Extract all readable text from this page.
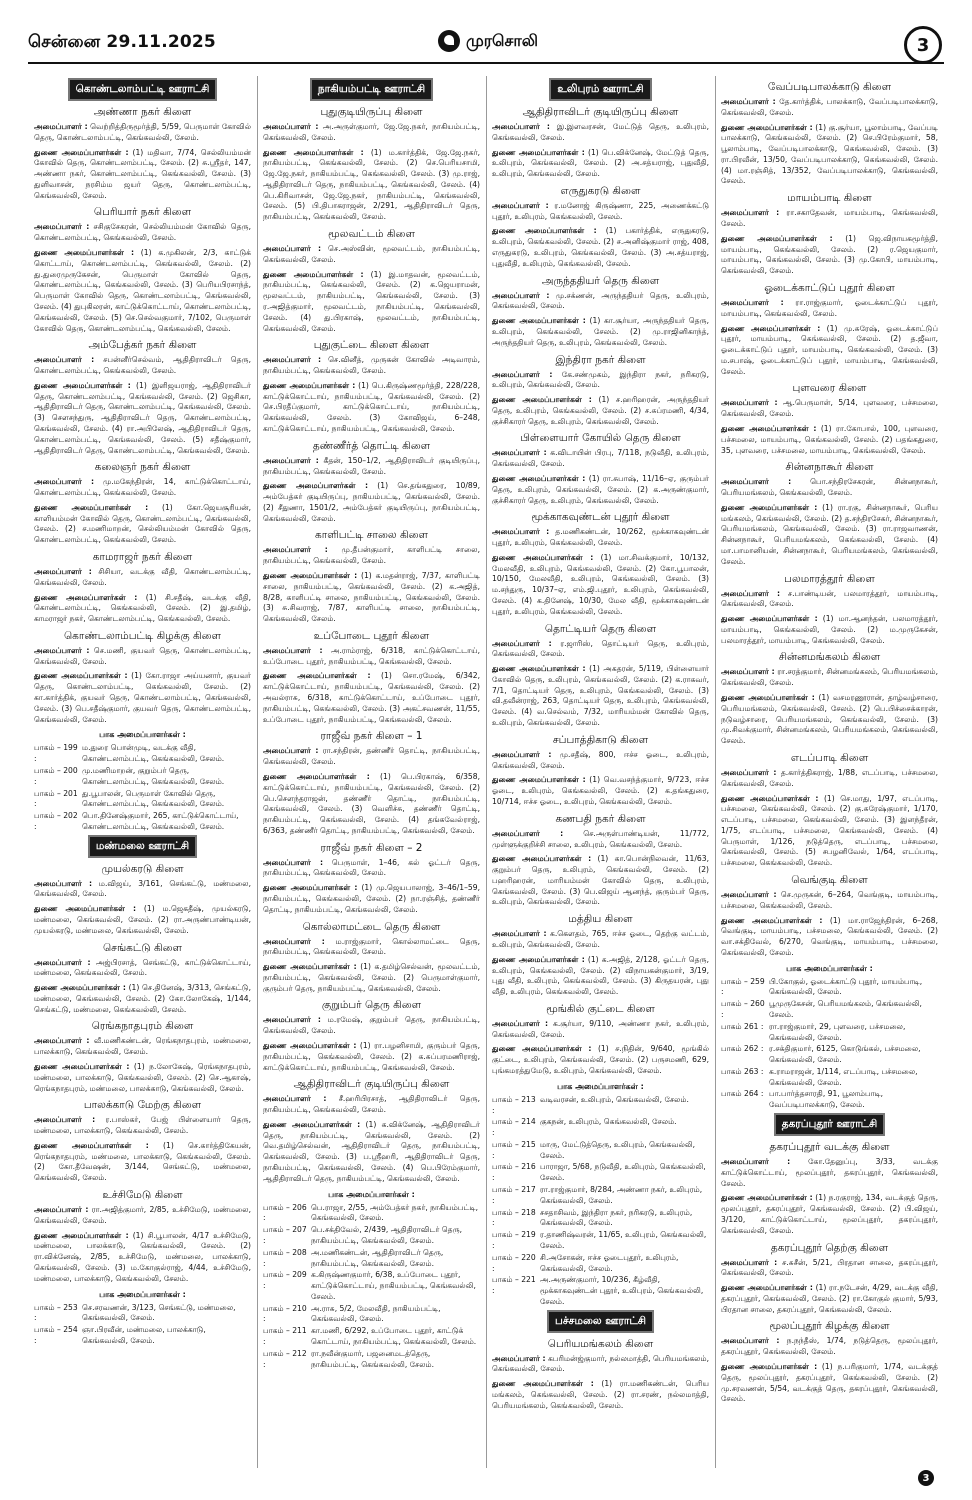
சென்னை 29.11.2025	முரசொலி	3
கொண்டலாம்பட்டி ஊராட்சி
அண்ணா நகர் கிளை

அமைப்பாளர் : வெற்றித்திருமூர்த்தி, 5/59, பெருமாள் கோவில் தெரு, கொண்டலாம்பட்டி, கெங்கவல்லி, சேலம்.

துணை அமைப்பாளர்கள் : (1) மதிவா, 7/74, செல்லியம்மன் கோவில் தெரு, கொண்டலாம்பட்டி, சேலம். (2) சு.ஸ்ரீதர், 147, அண்ணா நகர், கொண்டலாம்பட்டி, கெங்கவல்லி, சேலம். (3) துளிவாசன், நரசிம்ம ஜயர் தெரு, கொண்டலாம்பட்டி, கெங்கவல்லி, சேலம்.

பெரியார் நகர் கிளை

அமைப்பாளர் : சசிகுசேகரன், செல்லியம்மன் கோவில் தெரு, கொண்டலாம்பட்டி, கெங்கவல்லி, சேலம்.

துணை அமைப்பாளர்கள் : (1) க.முகிலன், 2/3, காட்டுக் கொட்டாய், கொண்டலாம்பட்டி, கெங்கவல்லி, சேலம். (2) து.துரைமுருகேசன், பெருமாள் கோவில் தெரு, கொண்டலாம்பட்டி, கெங்கவல்லி, சேலம். (3) பெரியபிரசாந்த், பெருமாள் கோவில் தெரு, கொண்டலாம்பட்டி, கெங்கவல்லி, சேலம். (4) துபுகிலரன், காட்டுக்கொட்டாய், கொண்டலாம்பட்டி, கெங்கவல்லி, சேலம். (5) செ.செல்வகுமார், 7/102, பெருமாள் கோவில் தெரு, கொண்டலாம்பட்டி, கெங்கவல்லி, சேலம்.

அம்பேத்கர் நகர் கிளை

அமைப்பாளர் : சபன்னீர்செல்வம், ஆதிதிராவிடர் தெரு, கொண்டலாம்பட்டி, கெங்கவல்லி, சேலம்.

துணை அமைப்பாளர்கள் : (1) இளிஜயராஜ், ஆதிதிராவிடர் தெரு, கொண்டலாம்பட்டி, கெங்கவல்லி, சேலம். (2) ஜெசிகா, ஆதிதிராவிடர் தெரு, கொண்டலாம்பட்டி, கெங்கவல்லி, சேலம். (3) செளசந்துரு, ஆதிதிராவிடர் தெரு, கொண்டலாம்பட்டி, கெங்கவல்லி, சேலம். (4) ரா.அபிலேஷ், ஆதிதிராவிடர் தெரு, கொண்டலாம்பட்டி, கெங்கவல்லி, சேலம். (5) சதீஷ்குமார், ஆதிதிராவிடர் தெரு, கொண்டலாம்பட்டி, கெங்கவல்லி, சேலம்.

கலைஞர் நகர் கிளை

அமைப்பாளர் : மு.மகேந்திரன், 14, காட்டுக்கொட்டாய், கொண்டலாம்பட்டி, கெங்கவல்லி, சேலம்.

துணை அமைப்பாளர்கள் : (1) கோ.ஜெயசூரியன், காளியம்மன் கோவில் தெரு, கொண்டலாம்பட்டி, கெங்கவல்லி, சேலம். (2) ச.மணிமாறன், செல்லியம்மன் கோவில் தெரு, கொண்டலாம்பட்டி, கெங்கவல்லி, சேலம்.

காமராஜர் நகர் கிளை

அமைப்பாளர் : சிசியா, வடக்கு வீதி, கொண்டலாம்பட்டி, கெங்கவல்லி, சேலம்.

துணை அமைப்பாளர்கள் : (1) சி.சதீஷ், வடக்கு வீதி, கொண்டலாம்பட்டி, கெங்கவல்லி, சேலம். (2) இ.தமிழ், காமராஜர் நகர், கொண்டலாம்பட்டி, கெங்கவல்லி, சேலம்.

கொண்டலாம்பட்டி கிழக்கு கிளை

அமைப்பாளர் : செ.மணி, குயவர் தெரு, கொண்டலாம்பட்டி, கெங்கவல்லி, சேலம்.

துணை அமைப்பாளர்கள் : (1) கோ.ராஜா அய்யனார், குயவர் தெரு, கொண்டலாம்பட்டி, கெங்கவல்லி, சேலம். (2) கா.கார்த்திக், குயவர் தெரு, கொண்டலாம்பட்டி, கெங்கவல்லி, சேலம். (3) பெ.சதீஷ்குமார், குயவர் தெரு, கொண்டலாம்பட்டி, கெங்கவல்லி, சேலம்.

பாக அமைப்பாளர்கள் :
பாகம் – 199 :
ம.துரை பொன்முடி, வடக்கு வீதி, கொண்டலாம்பட்டி, கெங்கவல்லி, சேலம்.
பாகம் – 200 :
மு.மணிமாறன், குறும்பர் தெரு, கொண்டலாம்பட்டி, கெங்கவல்லி, சேலம்.
பாகம் – 201 :
து.பூபாலன், பெருமாள் கோவில் தெரு, கொண்டலாம்பட்டி, கெங்கவல்லி, சேலம்.
பாகம் – 202 :
பொ.தினேஷ்குமார், 265, காட்டுக்கொட்டாய், கொண்டலாம்பட்டி, கெங்கவல்லி, சேலம்.
மண்மலை ஊராட்சி
முயல்கரடு கிளை

அமைப்பாளர் : ம.விஜய், 3/161, செங்கட்டு, மண்மலை, கெங்கவல்லி, சேலம்.

துணை அமைப்பாளர்கள் : (1) ம.ஜெகதீஷ், முயல்கரடு, மண்மலை, கெங்கவல்லி, சேலம். (2) ரா.அருண்பாண்டியன், முயல்கரடு, மண்மலை, கெங்கவல்லி, சேலம்.

செங்கட்டு கிளை

அமைப்பாளர் : அஜ்பிரசாத், செங்கட்டு, காட்டுக்கொட்டாய், மண்மலை, கெங்கவல்லி, சேலம்.

துணை அமைப்பாளர்கள் : (1) செ.தினேஷ், 3/313, செங்கட்டு, மண்மலை, கெங்கவல்லி, சேலம். (2) கோ.லோகேஷ், 1/144, செங்கட்டு, மண்மலை, கெங்கவல்லி, சேலம்.

ரெங்கநாதபுரம் கிளை

அமைப்பாளர் : வீ.மணிகண்டன், ரெங்கநாதபுரம், மண்மலை, பாலக்காடு, கெங்கவல்லி, சேலம்.

துணை அமைப்பாளர்கள் : (1) ந.லோகேஷ், ரெங்கநாதபுரம், மண்மலை, பாலக்காடு, கெங்கவல்லி, சேலம். (2) செ.ஆகாஷ், ரெங்கநாதபுரம், மண்மலை, பாலக்காடு, கெங்கவல்லி, சேலம்.

பாலக்காடு மேற்கு கிளை

அமைப்பாளர் : ர.பாஸ்கர், பேஜ் பிள்ளையார் தெரு, மண்மலை, பாலக்காடு, கெங்கவல்லி, சேலம்.

துணை அமைப்பாளர்கள் : (1) செ.கார்த்திகேயன், ரெங்கநாதபுரம், மண்மலை, பாலக்காடு, கெங்கவல்லி, சேலம். (2) கோ.தீவேஷன், 3/144, செங்கட்டு, மண்மலை, கெங்கவல்லி, சேலம்.

உச்சிமேடு கிளை

அமைப்பாளர் : ரா.அஜித்குமார், 2/85, உச்சிமேடு, மண்மலை, கெங்கவல்லி, சேலம்.

துணை அமைப்பாளர்கள் : (1) சி.பூபாலன், 4/17 உச்சிமேடு, மண்மலை, பாலக்காடு, கெங்கவல்லி, சேலம். (2) ரா.விக்னேஷ், 2/85, உச்சிமேடு, மண்மலை, பாலக்காடு, கெங்கவல்லி, சேலம். (3) ம.கோகுல்ராஜ், 4/44, உச்சிமேடு, மண்மலை, பாலக்காடு, கெங்கவல்லி, சேலம்.

பாக அமைப்பாளர்கள் :
பாகம் – 253 :
செ.சரவணன், 3/123, செங்கட்டு, மண்மலை, கெங்கவல்லி, சேலம்.
பாகம் – 254 :
ஞா.பிரவீன், மண்மலை, பாலக்காடு, கெங்கவல்லி, சேலம்.
நாகியம்பட்டி ஊராட்சி
புதுகுடியிருப்பு கிளை

அமைப்பாளர் : அ.அருள்குமார், ஜே.ஜே.நகர், நாகியம்பட்டி, கெங்கவல்லி, சேலம்.

துணை அமைப்பாளர்கள் : (1) ம.கார்த்திக், ஜே.ஜே.நகர், நாகியம்பட்டி, கெங்கவல்லி, சேலம். (2) செ.பெரியசாமி, ஜே.ஜே.நகர், நாகியம்பட்டி, கெங்கவல்லி, சேலம். (3) மு.ராஜ், ஆதிதிராவிடர் தெரு, நாகியம்பட்டி, கெங்கவல்லி, சேலம். (4) பெ.கிரிவாசன், ஜே.ஜே.நகர், நாகியம்பட்டி, கெங்கவல்லி, சேலம். (5) பி.திபாகராஜன், 2/291, ஆதிதிராவிடர் தெரு, நாகியம்பட்டி, கெங்கவல்லி, சேலம்.

மூலவட்டம் கிளை

அமைப்பாளர் : செ.அஸ்வின், மூலவட்டம், நாகியம்பட்டி, கெங்கவல்லி, சேலம்.

துணை அமைப்பாளர்கள் : (1) இ.மாதவன், மூலவட்டம், நாகியம்பட்டி, கெங்கவல்லி, சேலம். (2) க.ஜெயராமன், மூலவட்டம், நாகியம்பட்டி, கெங்கவல்லி, சேலம். (3) ர.அஜித்குமார், மூலவட்டம், நாகியம்பட்டி, கெங்கவல்லி, சேலம். (4) து.பிரகாஷ், மூலவட்டம், நாகியம்பட்டி, கெங்கவல்லி, சேலம்.

புதுகுட்டை கிளை கிளை

அமைப்பாளர் : செ.வினீத், முருகன் கோவில் அடிவாரம், நாகியம்பட்டி, கெங்கவல்லி, சேலம்.

துணை அமைப்பாளர்கள் : (1) பெ.கிருஷ்ணமூர்த்தி, 228/228, காட்டுக்கொட்டாய், நாகியம்பட்டி, கெங்கவல்லி, சேலம். (2) செ.பிரதீப்குமார், காட்டுக்கொட்டாய், நாகியம்பட்டி, கெங்கவல்லி, சேலம். (3) கோவிஜய், 6–248, காட்டுக்கொட்டாய், நாகியம்பட்டி, கெங்கவல்லி, சேலம்.

தண்ணீர்த் தொட்டி கிளை

அமைப்பாளர் : கீதன், 150–1/2, ஆதிதிராவிடர் குடியிருப்பு, நாகியம்பட்டி, கெங்கவல்லி, சேலம்.

துணை அமைப்பாளர்கள் : (1) செ.தங்கதுரை, 10/89, அம்பேத்கர் குடியிருப்பு, நாகியம்பட்டி, கெங்கவல்லி, சேலம். (2) சீதுணா, 1501/2, அம்பேத்கர் குடியிருப்பு, நாகியம்பட்டி, கெங்கவல்லி, சேலம்.

காளிபட்டி சாலை கிளை

அமைப்பாளர் : மு.தீபன்குமார், காளிபட்டி சாலை, நாகியம்பட்டி, கெங்கவல்லி, சேலம்.

துணை அமைப்பாளர்கள் : (1) க.மதன்ராஜ், 7/37, காளிபட்டி சாலை, நாகியம்பட்டி, கெங்கவல்லி, சேலம். (2) க.அஜித், 8/28, காளிபட்டி சாலை, நாகியம்பட்டி, கெங்கவல்லி, சேலம். (3) சு.சிவராஜ், 7/87, காளிபட்டி சாலை, நாகியம்பட்டி, கெங்கவல்லி, சேலம்.

உப்போடை புதூர் கிளை

அமைப்பாளர் : அ.ராம்ராஜ், 6/318, காட்டுக்கொட்டாய், உப்போடை புதூர், நாகியம்பட்டி, கெங்கவல்லி, சேலம்.

துணை அமைப்பாளர்கள் : (1) சொ.ரமேஷ், 6/342, காட்டுக்கொட்டாய், நாகியம்பட்டி, கெங்கவல்லி, சேலம். (2) அவல்ராசு, 6/318, காட்டுக்கொட்டாய், உப்போடை புதூர், நாகியம்பட்டி, கெங்கவல்லி, சேலம். (3) அகட்சவணன், 11/55, உப்போடை புதூர், நாகியம்பட்டி, கெங்கவல்லி, சேலம்.

ராஜீவ் நகர் கிளை – 1

அமைப்பாளர் : ரா.சந்திரன், தண்ணீர் தொட்டி, நாகியம்பட்டி, கெங்கவல்லி, சேலம்.

துணை அமைப்பாளர்கள் : (1) பெ.பிரகாஷ், 6/358, காட்டுக்கொட்டாய், நாகியம்பட்டி, கெங்கவல்லி, சேலம். (2) பெ.சௌந்தராஜன், தண்ணீர் தொட்டி, நாகியம்பட்டி, கெங்கவல்லி, சேலம். (3) வெளிச்சு, தண்ணீர் தொட்டி, நாகியம்பட்டி, கெங்கவல்லி, சேலம். (4) தங்கவேல்ராஜ், 6/363, தண்ணீர் தொட்டி, நாகியம்பட்டி, கெங்கவல்லி, சேலம்.

ராஜீவ் நகர் கிளை – 2

அமைப்பாளர் : பெருமாள், 1–46, கல் ஓட்டர் தெரு, நாகியம்பட்டி, கெங்கவல்லி, சேலம்.

துணை அமைப்பாளர்கள் : (1) மு.ஜெயபாலாஜ், 3–46/1–59, நாகியம்பட்டி, கெங்கவல்லி, சேலம். (2) நா.ரஞ்சித், தண்ணீர் தொட்டி, நாகியம்பட்டி, கெங்கவல்லி, சேலம்.

கொல்லாமட்டை தெரு கிளை

அமைப்பாளர் : ம.ராஜ்குமார், கொல்லாமட்டை தெரு, நாகியம்பட்டி, கெங்கவல்லி, சேலம்.

துணை அமைப்பாளர்கள் : (1) க.தமிழ்செல்வன், மூலவட்டம், நாகியம்பட்டி, கெங்கவல்லி, சேலம். (2) பெருமாள்குமார், குரும்பர் தெரு, நாகியம்பட்டி, கெங்கவல்லி, சேலம்.

குறும்பர் தெரு கிளை

அமைப்பாளர் : ம.ரமேஷ், குறும்பர் தெரு, நாகியம்பட்டி, கெங்கவல்லி, சேலம்.

துணை அமைப்பாளர்கள் : (1) ரா.பழனிசாமி, குரும்பர் தெரு, நாகியம்பட்டி, கெங்கவல்லி, சேலம். (2) க.சுப்பரமணிராஜ், காட்டுக்கொட்டாய், நாகியம்பட்டி, கெங்கவல்லி, சேலம்.

ஆதிதிராவிடர் குடியிருப்பு கிளை

அமைப்பாளர் : சீ.ஹரிபிரசாத், ஆதிதிராவிடர் தெரு, நாகியம்பட்டி, கெங்கவல்லி, சேலம்.

துணை அமைப்பாளர்கள் : (1) க.விக்னேஷ், ஆதிதிராவிடர் தெரு, நாகியம்பட்டி, கெங்கவல்லி, சேலம். (2) வெ.தமிழ்செல்வன், ஆதிதிராவிடர் தெரு, நாகியம்பட்டி, கெங்கவல்லி, சேலம். (3) ப.ஸ்ரீஹரி, ஆதிதிராவிடர் தெரு, நாகியம்பட்டி, கெங்கவல்லி, சேலம். (4) பெ.பிரேம்குமார், ஆதிதிராவிடர் தெரு, நாகியம்பட்டி, கெங்கவல்லி, சேலம்.

பாக அமைப்பாளர்கள் :
பாகம் – 206 :
பெ.ராஜா, 2/55, அம்பேத்கர் நகர், நாகியம்பட்டி, கெங்கவல்லி, சேலம்.
பாகம் – 207 :
பெ.சக்திவேல், 2/439, ஆதிதிராவிடர் தெரு, நாகியம்பட்டி, கெங்கவல்லி, சேலம்.
பாகம் – 208 :
அ.மணிகண்டன், ஆதிதிராவிடர் தெரு, நாகியம்பட்டி, கெங்கவல்லி, சேலம்.
பாகம் – 209 :
க.கிருஷ்ணகுமார், 6/38, உப்போடை புதூர், காட்டுக்கொட்டாய், நாகியம்பட்டி, கெங்கவல்லி, சேலம்.
பாகம் – 210 :
அ.ராசு, 5/2, மேலவீதி, நாகியம்பட்டி, கெங்கவல்லி, சேலம்.
பாகம் – 211 :
கா.மணி, 6/292, உப்போடை புதூர், காட்டுக் கொட்டாய், நாகியம்பட்டி, கெங்கவல்லி, சேலம்.
பாகம் – 212 :
ரா.நவீன்குமார், பஜனைமடத்தெரு, நாகியம்பட்டி, கெங்கவல்லி, சேலம்.
உலிபுரம் ஊராட்சி
ஆதிதிராவிடர் குடியிருப்பு கிளை

அமைப்பாளர் : இ.இளவரசன், மேட்டுத் தெரு, உலிபுரம், கெங்கவல்லி, சேலம்.

துணை அமைப்பாளர்கள் : (1) பெ.விக்னேஷ், மேட்டுத் தெரு, உலிபுரம், கெங்கவல்லி, சேலம். (2) அ.சத்யராஜ், புதுவீதி, உலிபுரம், கெங்கவல்லி, சேலம்.

எருதுகரடு கிளை

அமைப்பாளர் : ர.மனோஜ் கிருஷ்ணா, 225, அணைக்கட்டு புதூர், உலிபுரம், கெங்கவல்லி, சேலம்.

துணை அமைப்பாளர்கள் : (1) பகார்த்திக், எருதுகரடு, உலிபுரம், கெங்கவல்லி, சேலம். (2) ச.அனிஷ்குமார் ராஜ், 408, எருதுகரடு, உலிபுரம், கெங்கவல்லி, சேலம். (3) அ.சத்யராஜ், புதுவீதி, உலிபுரம், கெங்கவல்லி, சேலம்.

அருந்ததியர் தெரு கிளை

அமைப்பாளர் : மு.சக்ணன், அருந்ததியர் தெரு, உலிபுரம், கெங்கவல்லி, சேலம்.

துணை அமைப்பாளர்கள் : (1) கா.சூர்யா, அருந்ததியர் தெரு, உலிபுரம், கெங்கவல்லி, சேலம். (2) மு.ராஜினிகாந்த், அருந்ததியர் தெரு, உலிபுரம், கெங்கவல்லி, சேலம்.

இந்திரா நகர் கிளை

அமைப்பாளர் : கே.சண்முகம், இந்திரா நகர், நரிகரடு, உலிபுரம், கெங்கவல்லி, சேலம்.

துணை அமைப்பாளர்கள் : (1) ச.ஹரிஹரன், அருந்ததியர் தெரு, உலிபுரம், கெங்கவல்லி, சேலம். (2) ச.சுப்ரமணி, 4/34, குச்சிகாரர் தெரு, உலிபுரம், கெங்கவல்லி, சேலம்.

பிள்ளையார் கோயில் தெரு கிளை

அமைப்பாளர் : க.விடாயின் பிரபு, 7/118, நடுவீதி, உலிபுரம், கெங்கவல்லி, சேலம்.

துணை அமைப்பாளர்கள் : (1) ரா.சுபாஷ், 11/16–ஏ, குரும்பர் தெரு, உலிபுரம், கெங்கவல்லி, சேலம். (2) க.அருண்குமார், குச்சிகாரர் தெரு, உலிபுரம், கெங்கவல்லி, சேலம்.

மூக்காகவுண்டன் புதூர் கிளை

அமைப்பாளர் : த.மணிகண்டன், 10/262, மூக்காகவுண்டன் புதூர், உலிபுரம், கெங்கவல்லி, சேலம்.

துணை அமைப்பாளர்கள் : (1) மா.சிவக்குமார், 10/132, மேலவீதி, உலிபுரம், கெங்கவல்லி, சேலம். (2) கோ.பூபாலன், 10/150, மேலவீதி, உலிபுரம், கெங்கவல்லி, சேலம். (3) ம.சந்துரு, 10/37–ஏ, எம்.ஜி.புதூர், உலிபுரம், கெங்கவல்லி, சேலம். (4) க.தினேஷ், 10/30, மேல வீதி, மூக்காகவுண்டன் புதூர், உலிபுரம், கெங்கவல்லி, சேலம்.

தொட்டியர் தெரு கிளை

அமைப்பாளர் : ர.ஜாரிஸ், தொட்டியர் தெரு, உலிபுரம், கெங்கவல்லி, சேலம்.

துணை அமைப்பாளர்கள் : (1) அகதரன், 5/119, பிள்ளையார் கோவில் தெரு, உலிபுரம், கெங்கவல்லி, சேலம். (2) க.ராகவர், 7/1, தொட்டியர் தெரு, உலிபுரம், கெங்கவல்லி, சேலம். (3) வி.தவீன்ராஜ், 263, தொட்டியர் தெரு, உலிபுரம், கெங்கவல்லி, சேலம். (4) வ.செல்வம், 7/32, மாரியம்மன் கோவில் தெரு, உலிபுரம், கெங்கவல்லி, சேலம்.

சப்பாத்திகாடு கிளை

அமைப்பாளர் : மு.சதீஷ், 800, ஈச்ச ஓடை, உலிபுரம், கெங்கவல்லி, சேலம்.

துணை அமைப்பாளர்கள் : (1) வெ.வசந்த்குமார், 9/723, ஈச்ச ஓடை, உலிபுரம், கெங்கவல்லி, சேலம். (2) க.தங்கதுரை, 10/714, ஈச்ச ஓடை, உலிபுரம், கெங்கவல்லி, சேலம்.

கணபதி நகர் கிளை

அமைப்பாளர் : செ.அருள்பாண்டியன், 11/772, முள்ளுக்குறிச்சி சாலை, உலிபுரம், கெங்கவல்லி, சேலம்.

துணை அமைப்பாளர்கள் : (1) கா.பொன்நிலவன், 11/63, குறும்பர் தெரு, உலிபுரம், கெங்கவல்லி, சேலம். (2) பஹரிஹரன், மாரியம்மன் கோவில் தெரு, உலிபுரம், கெங்கவல்லி, சேலம். (3) பெ.விஜய் ஆனந்த், குரும்பர் தெரு, உலிபுரம், கெங்கவல்லி, சேலம்.

மத்திய கிளை

அமைப்பாளர் : க.கௌதம், 765, ஈச்ச ஓடை, தெற்கு வட்டம், உலிபுரம், கெங்கவல்லி, சேலம்.

துணை அமைப்பாளர்கள் : (1) க.அஜித், 2/128, ஓட்டர் தெரு, உலிபுரம், கெங்கவல்லி, சேலம். (2) விநாயகன்குமார், 3/19, புது வீதி, உலிபுரம், கெங்கவல்லி, சேலம். (3) கிருதயரன், புது வீதி, உலிபுரம், கெங்கவல்லி, சேலம்.

மூங்கில் குட்டை கிளை

அமைப்பாளர் : க.சூர்யா, 9/110, அண்ணா நகர், உலிபுரம், கெங்கவல்லி, சேலம்.

துணை அமைப்பாளர்கள் : (1) ச.நிதின், 9/640, மூங்கில் குட்டை, உலிபுரம், கெங்கவல்லி, சேலம். (2) பருசமணி, 629, புங்கமரத்துமேடு, உலிபுரம், கெங்கவல்லி, சேலம்.

பாக அமைப்பாளர்கள் :
பாகம் – 213 :
வடிவரசன், உலிபுரம், கெங்கவல்லி, சேலம்.
பாகம் – 214 :
குகநன், உலிபுரம், கெங்கவல்லி, சேலம்.
பாகம் – 215 :
மாரு, மேட்டுத்தெரு, உலிபுரம், கெங்கவல்லி, சேலம்.
பாகம் – 216 :
பாராஜா, 5/68, நடுவீதி, உலிபுரம், கெங்கவல்லி, சேலம்.
பாகம் – 217 :
ரா.ராஜ்குமார், 8/284, அண்ணா நகர், உலிபுரம், கெங்கவல்லி, சேலம்.
பாகம் – 218 :
சசதாசிவம், இந்திரா நகர், நரிகரடு, உலிபுரம், கெங்கவல்லி, சேலம்.
பாகம் – 219 :
ர.தாணிஷ்வரன், 11/65, உலிபுரம், கெங்கவல்லி, சேலம்.
பாகம் – 220 :
சி.அசோகன், ஈச்ச ஓடைபுதூர், உலிபுரம், கெங்கவல்லி, சேலம்.
பாகம் – 221 :
அ.அருண்குமார், 10/236, கீழ்வீதி, மூக்காகவுண்டன் புதூர், உலிபுரம், கெங்கவல்லி, சேலம்.
பச்சமலை ஊராட்சி
பெரியமங்கலம் கிளை

அமைப்பாளர் : கபரிமன்ஜ்குமார், நல்லமாத்தி, பெரியமங்கலம், கெங்கவல்லி, சேலம்.

துணை அமைப்பாளர்கள் : (1) ரா.மணிகண்டன், பெரிய மங்கலம், கெங்கவல்லி, சேலம். (2) ரா.சரண், நல்லமாத்தி, பெரியமங்கலம், கெங்கவல்லி, சேலம்.

வேப்படிபாலக்காடு கிளை

அமைப்பாளர் : தே.கார்த்திக், பாலக்காடு, வேப்படிபாலக்காடு, கெங்கவல்லி, சேலம்.

துணை அமைப்பாளர்கள் : (1) கு.சூர்யா, பூலாம்பாடி, வேப்படி பாலக்காடு, கெங்கவல்லி, சேலம். (2) செ.பிரேம்குமார், 58, பூலாம்பாடி, வேப்படிபாலக்காடு, கெங்கவல்லி, சேலம். (3) ரா.பிரவீன், 13/50, வேப்படிபாலக்காடு, கெங்கவல்லி, சேலம். (4) மா.ரஞ்சித், 13/352, வேப்படிபாலக்காடு, கெங்கவல்லி, சேலம்.

மாயம்பாடி கிளை

அமைப்பாளர் : ரா.சகாதேவன், மாயம்பாடி, கெங்கவல்லி, சேலம்.

துணை அமைப்பாளர்கள் : (1) ஜெ.விநாயகமூர்த்தி, மாயம்பாடி, கெங்கவல்லி, சேலம். (2) ர.ஜெயகுமார், மாயம்பாடி, கெங்கவல்லி, சேலம். (3) மு.கோபி, மாயம்பாடி, கெங்கவல்லி, சேலம்.

ஓடைக்காட்டுப் புதூர் கிளை

அமைப்பாளர் : ரா.ராஜ்குமார், ஓடைக்காட்டுப் புதூர், மாயம்பாடி, கெங்கவல்லி, சேலம்.

துணை அமைப்பாளர்கள் : (1) மு.சுரேஷ், ஓடைக்காட்டுப் புதூர், மாயம்பாடி, கெங்கவல்லி, சேலம். (2) த.ஜீவா, ஓடைக்காட்டுப் புதூர், மாயம்பாடி, கெங்கவல்லி, சேலம். (3) ம.சபாஷ், ஓடைக்காட்டுப் புதூர், மாயம்பாடி, கெங்கவல்லி, சேலம்.

புளவரை கிளை

அமைப்பாளர் : ஆ.பெருமாள், 5/14, புளவரை, பச்சமலை, கெங்கவல்லி, சேலம்.

துணை அமைப்பாளர்கள் : (1) ரா.கோபால், 100, புளவரை, பச்சமலை, மாயம்பாடி, கெங்கவல்லி, சேலம். (2) பதங்கதுரை, 35, புளவரை, பச்சமலை, மாயம்பாடி, கெங்கவல்லி, சேலம்.

சின்னநாகூர் கிளை

அமைப்பாளர் : பொ.சந்திரசேகரன், சின்னநாகூர், பெரியமங்கலம், கெங்கவல்லி, சேலம்.

துணை அமைப்பாளர்கள் : (1) ரா.ரகு, சின்னநாகூர், பெரிய மங்கலம், கெங்கவல்லி, சேலம். (2) த.சந்திரசேகர், சின்னநாகூர், பெரியமங்கலம், கெங்கவல்லி, சேலம். (3) ரா.ராஜவாணன், சின்னநாகூர், பெரியமங்கலம், கெங்கவல்லி, சேலம். (4) மா.பாமானியன், சின்னநாகூர், பெரியமங்கலம், கெங்கவல்லி, சேலம்.

பலமாரத்தூர் கிளை

அமைப்பாளர் : ச.பாண்டியன், பலமாரத்தூர், மாயம்பாடி, கெங்கவல்லி, சேலம்.

துணை அமைப்பாளர்கள் : (1) மா.ஆனந்தன், பலமாரத்தூர், மாயம்பாடி, கெங்கவல்லி, சேலம். (2) ம.முருகேசன், பலமாரத்தூர், மாயம்பாடி, கெங்கவல்லி, சேலம்.

சின்னமங்கலம் கிளை

அமைப்பாளர் : ரா.சரத்குமார், சின்னமங்கலம், பெரியமங்கலம், கெங்கவல்லி, சேலம்.

துணை அமைப்பாளர்கள் : (1) வசமரணூரான், தாழ்வழ்சாரை, பெரியமங்கலம், கெங்கவல்லி, சேலம். (2) பெ.பிச்சைக்காரன், நடுவழ்சாரை, பெரியமங்கலம், கெங்கவல்லி, சேலம். (3) மு.சிவக்குமார், சின்னமங்கலம், பெரியமங்கலம், கெங்கவல்லி, சேலம்.

எடப்பாடி கிளை

அமைப்பாளர் : த.கார்த்திகராஜ், 1/88, எடப்பாடி, பச்சமலை, கெங்கவல்லி, சேலம்.

துணை அமைப்பாளர்கள் : (1) செ.மாது, 1/97, எடப்பாடி, பச்சமலை, கெங்கவல்லி, சேலம். (2) கு.சுரேஷ்குமார், 1/170, எடப்பாடி, பச்சமலை, கெங்கவல்லி, சேலம். (3) இளந்தீரன், 1/75, எடப்பாடி, பச்சமலை, கெங்கவல்லி, சேலம். (4) பெருமாள், 1/126, நடுத்தெரு, எடப்பாடி, பச்சமலை, கெங்கவல்லி, சேலம். (5) சபழனிவேல், 1/64, எடப்பாடி, பச்சமலை, கெங்கவல்லி, சேலம்.

வெங்குடி கிளை

அமைப்பாளர் : செ.முருகன், 6–264, வெங்குடி, மாயம்பாடி, பச்சமலை, கெங்கவல்லி, சேலம்.

துணை அமைப்பாளர்கள் : (1) மா.ராஜேந்திரன், 6–268, வெங்குடி, மாயம்பாடி, பச்சமலை, கெங்கவல்லி, சேலம். (2) வா.சக்திவேல், 6/270, வெங்குடி, மாயம்பாடி, பச்சமலை, கெங்கவல்லி, சேலம்.

பாக அமைப்பாளர்கள் :
பாகம் – 259 :
பி.கோகுல், ஓடைக்காட்டு புதூர், மாயம்பாடி, கெங்கவல்லி, சேலம்.
பாகம் – 260 :
பூமுருகேசன், பெரியமங்கலம், கெங்கவல்லி, சேலம்.
பாகம் 261 : ரா.ராஜ்குமார், 29, புளவரை, பச்சமலை, கெங்கவல்லி, சேலம்.
பாகம் 262 : ர.சக்திகுமார், 6125, கொடுங்கல், பச்சமலை, கெங்கவல்லி, சேலம்.
பாகம் 263 : க.ராமராஜன், 1/114, எடப்பாடி, பச்சமலை, கெங்கவல்லி, சேலம்.
பாகம் 264 : பா.பார்த்தசாரதி, 91, பூலாம்பாடி, வேப்படிபாலக்காடு, சேலம்.
தகரப்புதூர் ஊராட்சி
தகரப்புதூர் வடக்கு கிளை

அமைப்பாளர் : கோ.தேனுப்பு, 3/33, வடக்கு காட்டுக்கொட்டாய், மூலப்புதூர், தகரப்புதூர், கெங்கவல்லி, சேலம்.

துணை அமைப்பாளர்கள் : (1) ந.ரகுராஜ், 134, வடக்குத் தெரு, மூலப்புதூர், தகரப்புதூர், கெங்கவல்லி, சேலம். (2) பி.விஜய், 3/120, காட்டுக்கொட்டாய், மூலப்புதூர், தகரப்புதூர், கெங்கவல்லி, சேலம்.

தகரப்புதூர் தெற்கு கிளை

அமைப்பாளர் : ச.சுசீன், 5/21, பிரதான சாலை, தகரப்புதூர், கெங்கவல்லி, சேலம்.

துணை அமைப்பாளர்கள் : (1) ரா.நடேசன், 4/29, வடக்கு வீதி, தகரப்புதூர், கெங்கவல்லி, சேலம். (2) ரா.கோகுல் குமார், 5/93, பிரதான சாலை, தகரப்புதூர், கெங்கவல்லி, சேலம்.

மூலப்புதூர் கிழக்கு கிளை

அமைப்பாளர் : ந.நந்தீஸ், 1/74, நடுத்தெரு, மூலப்புதூர், தகரப்புதூர், கெங்கவல்லி, சேலம்.

துணை அமைப்பாளர்கள் : (1) ந.பரிகுமார், 1/74, வடக்குத் தெரு, மூலப்புதூர், தகரப்புதூர், கெங்கவல்லி, சேலம். (2) மு.சரவணன், 5/54, வடக்குத் தெரு, தகரப்புதூர், கெங்கவல்லி, சேலம்.

3
